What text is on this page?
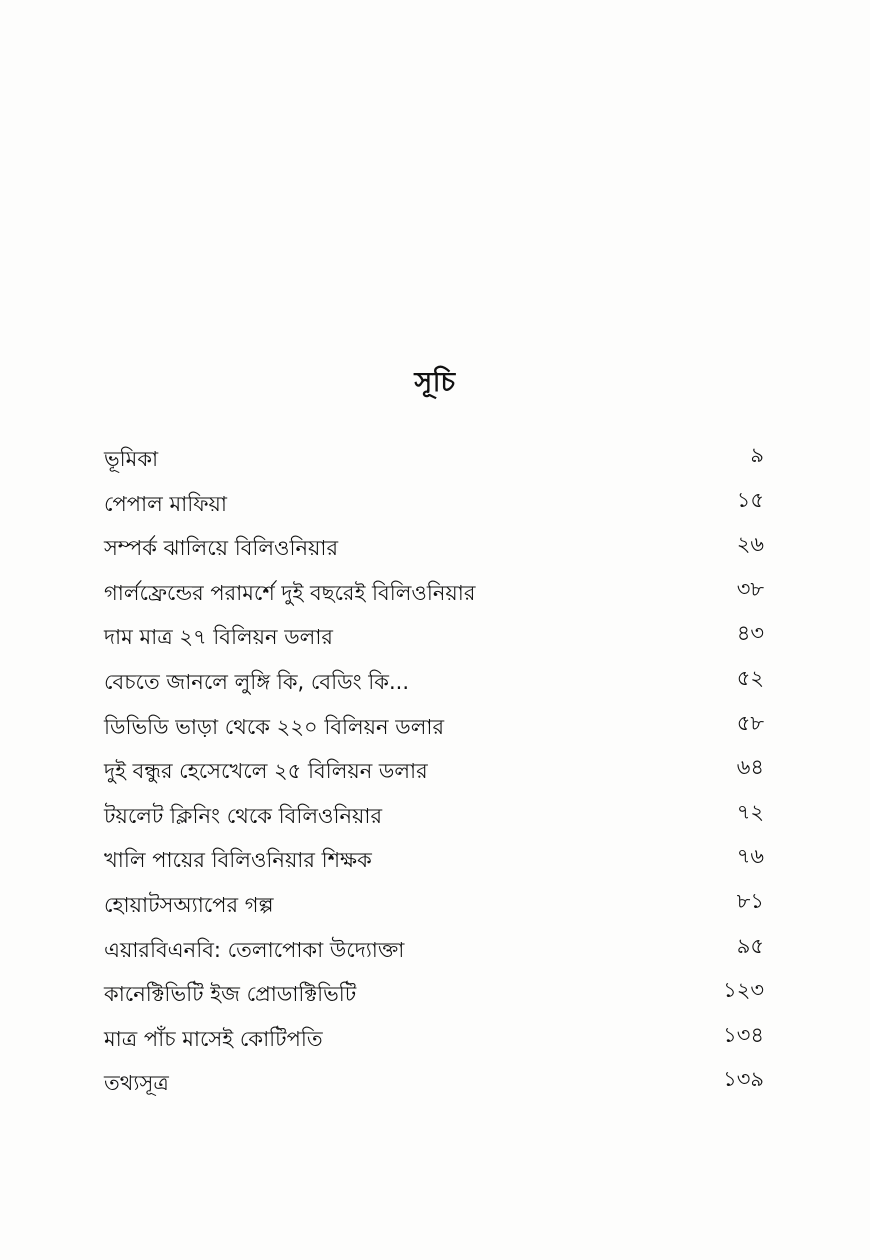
সূচি
ভূমিকা	৯
পেপাল মাফিয়া	১৫
সম্পর্ক ঝালিয়ে বিলিওনিয়ার	২৬
গার্লফ্রেন্ডের পরামর্শে দুই বছরেই বিলিওনিয়ার	৩৮
দাম মাত্র ২৭ বিলিয়ন ডলার	৪৩
বেচতে জানলে লুঙ্গি কি, বেডিং কি...	৫২
ডিভিডি ভাড়া থেকে ২২০ বিলিয়ন ডলার	৫৮
দুই বন্ধুর হেসেখেলে ২৫ বিলিয়ন ডলার	৬৪
টয়লেট ক্লিনিং থেকে বিলিওনিয়ার	৭২
খালি পায়ের বিলিওনিয়ার শিক্ষক	৭৬
হোয়াটসঅ্যাপের গল্প	৮১
এয়ারবিএনবি: তেলাপোকা উদ্যোক্তা	৯৫
কানেক্টিভিটি ইজ প্রোডাক্টিভিটি	১২৩
মাত্র পাঁচ মাসেই কোটিপতি	১৩৪
তথ্যসূত্র	১৩৯
